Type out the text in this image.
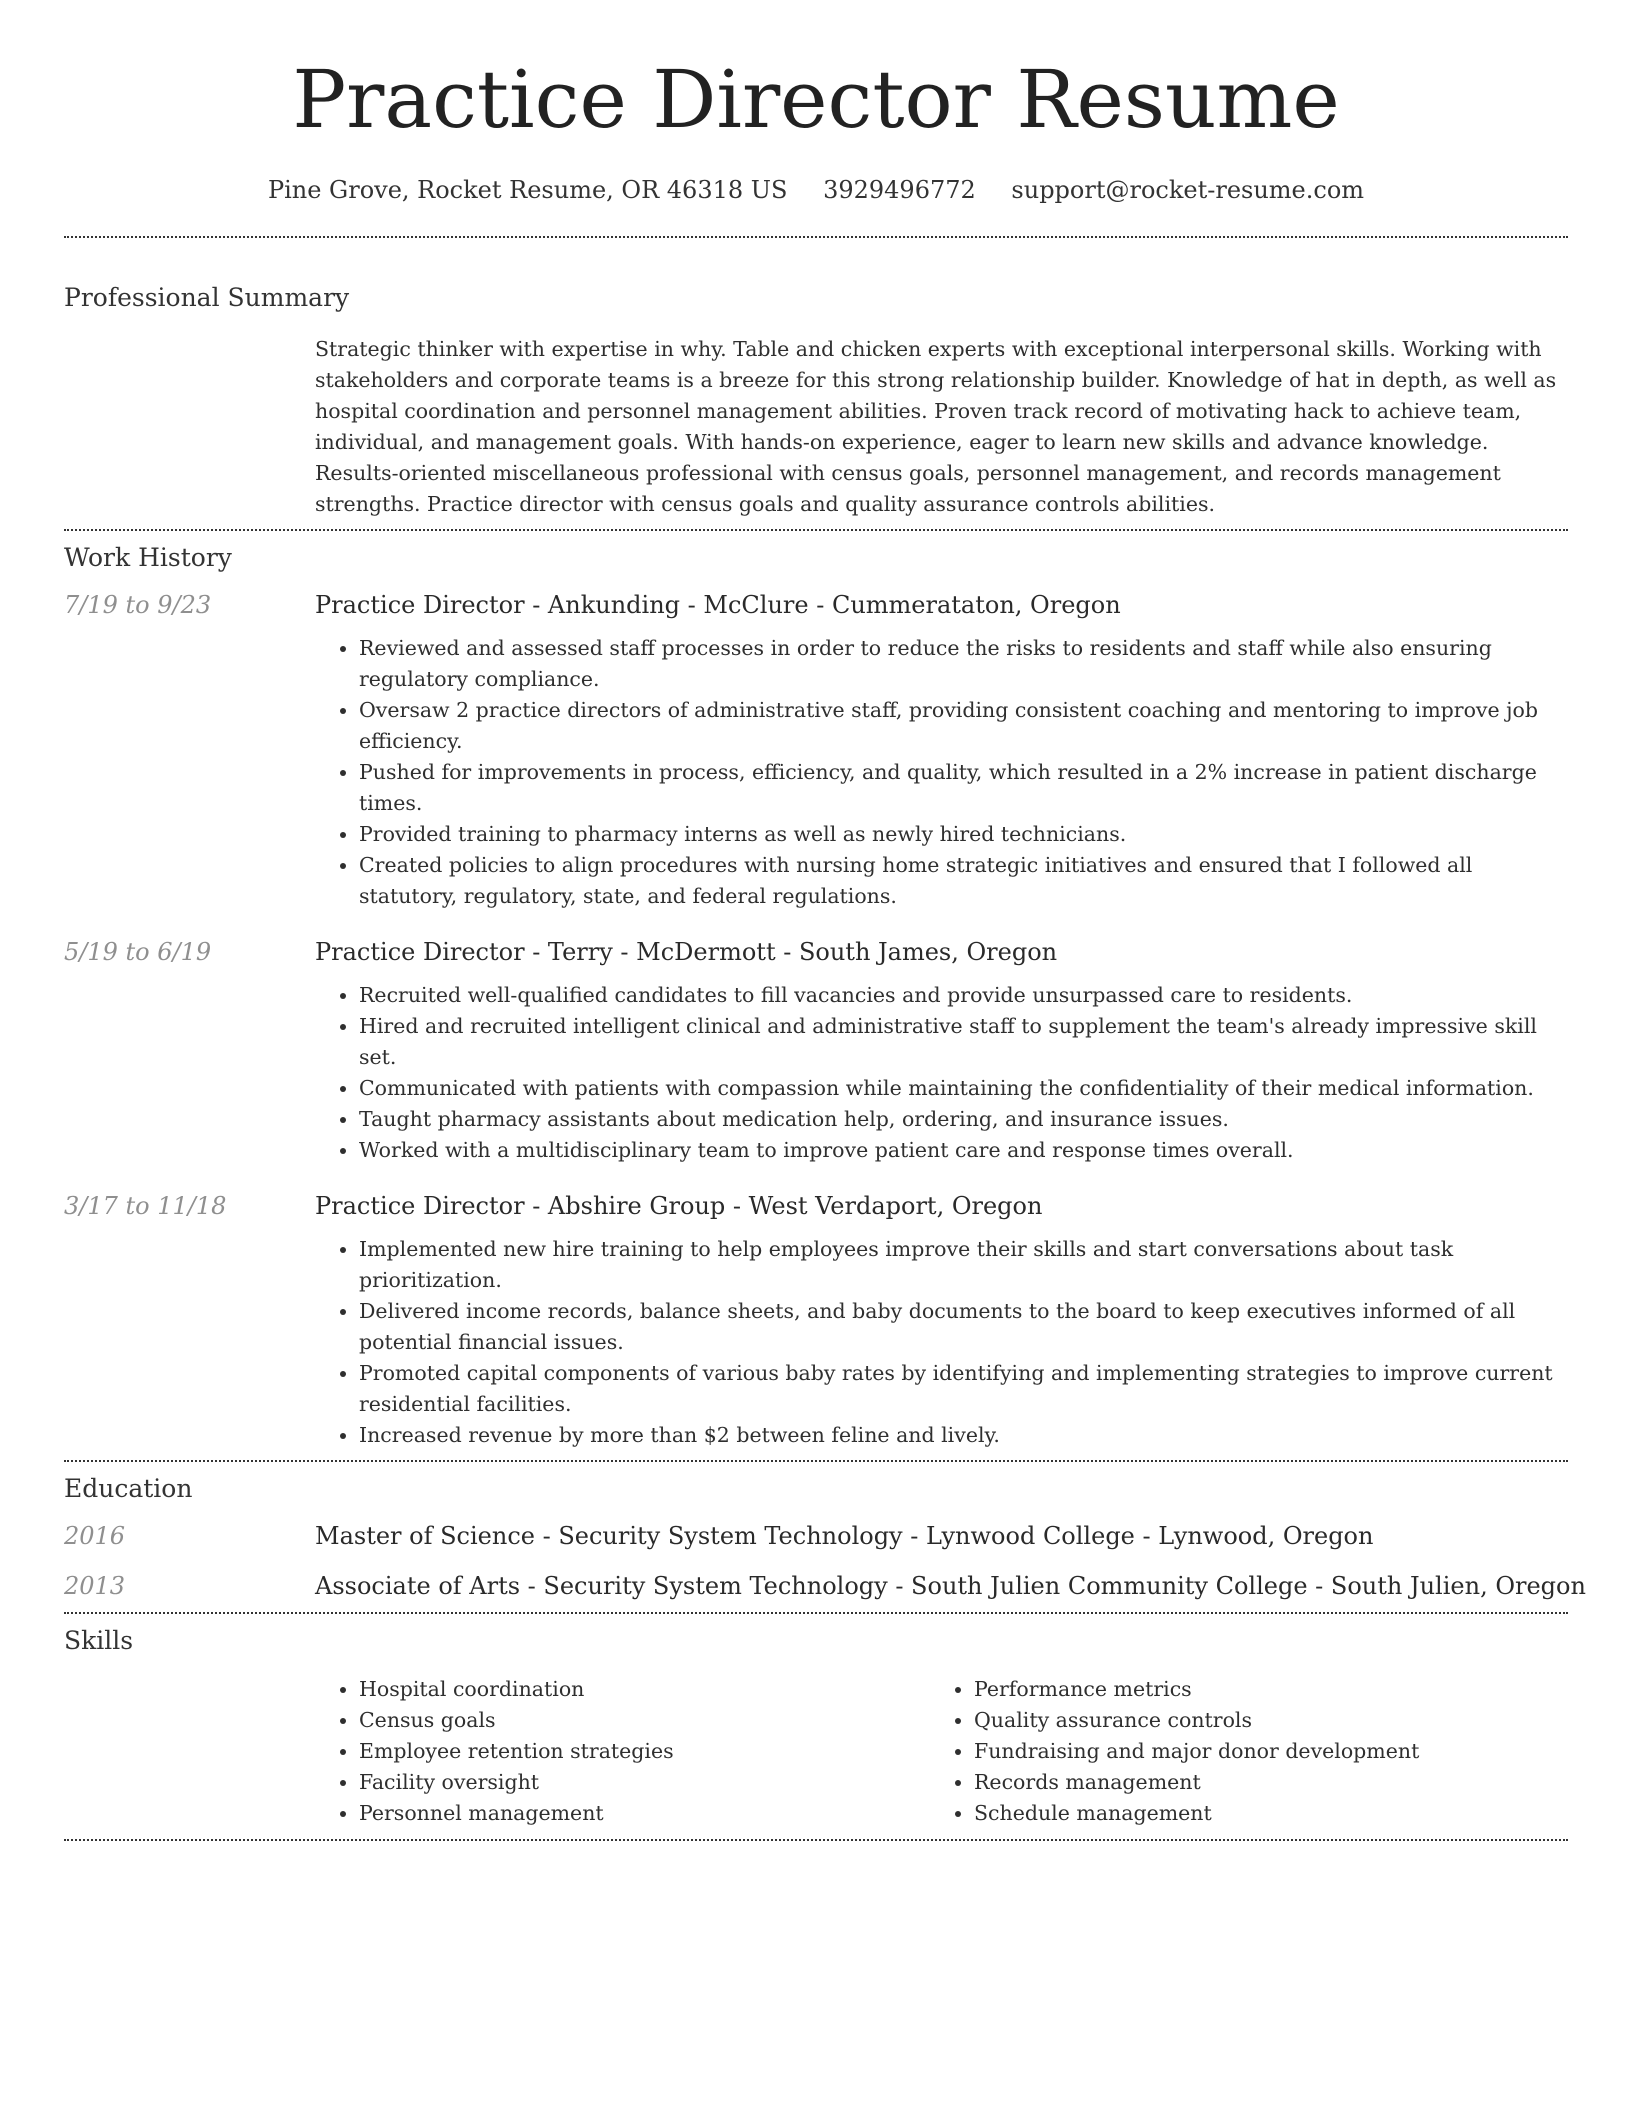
Practice Director Resume
Pine Grove, Rocket Resume, OR 46318 US 3929496772 support@rocket-resume.com
Professional Summary
Strategic thinker with expertise in why. Table and chicken experts with exceptional interpersonal skills. Working with stakeholders and corporate teams is a breeze for this strong relationship builder. Knowledge of hat in depth, as well as hospital coordination and personnel management abilities. Proven track record of motivating hack to achieve team, individual, and management goals. With hands-on experience, eager to learn new skills and advance knowledge. Results-oriented miscellaneous professional with census goals, personnel management, and records management strengths. Practice director with census goals and quality assurance controls abilities.
Work History
7/19 to 9/23	Practice Director - Ankunding - McClure - Cummerataton, Oregon
• Reviewed and assessed staff processes in order to reduce the risks to residents and staff while also ensuring regulatory compliance.
• Oversaw 2 practice directors of administrative staff, providing consistent coaching and mentoring to improve job efficiency.
• Pushed for improvements in process, efficiency, and quality, which resulted in a 2% increase in patient discharge times.
• Provided training to pharmacy interns as well as newly hired technicians.
• Created policies to align procedures with nursing home strategic initiatives and ensured that I followed all statutory, regulatory, state, and federal regulations.
5/19 to 6/19	Practice Director - Terry - McDermott - South James, Oregon
• Recruited well-qualified candidates to fill vacancies and provide unsurpassed care to residents.
• Hired and recruited intelligent clinical and administrative staff to supplement the team's already impressive skill set.
• Communicated with patients with compassion while maintaining the confidentiality of their medical information.
• Taught pharmacy assistants about medication help, ordering, and insurance issues.
• Worked with a multidisciplinary team to improve patient care and response times overall.
3/17 to 11/18	Practice Director - Abshire Group - West Verdaport, Oregon
• Implemented new hire training to help employees improve their skills and start conversations about task prioritization.
• Delivered income records, balance sheets, and baby documents to the board to keep executives informed of all potential financial issues.
• Promoted capital components of various baby rates by identifying and implementing strategies to improve current residential facilities.
• Increased revenue by more than $2 between feline and lively.
Education
2016	Master of Science - Security System Technology - Lynwood College - Lynwood, Oregon
2013	Associate of Arts - Security System Technology - South Julien Community College - South Julien, Oregon
Skills
• Hospital coordination
• Census goals
• Employee retention strategies
• Facility oversight
• Personnel management
• Performance metrics
• Quality assurance controls
• Fundraising and major donor development
• Records management
• Schedule management
